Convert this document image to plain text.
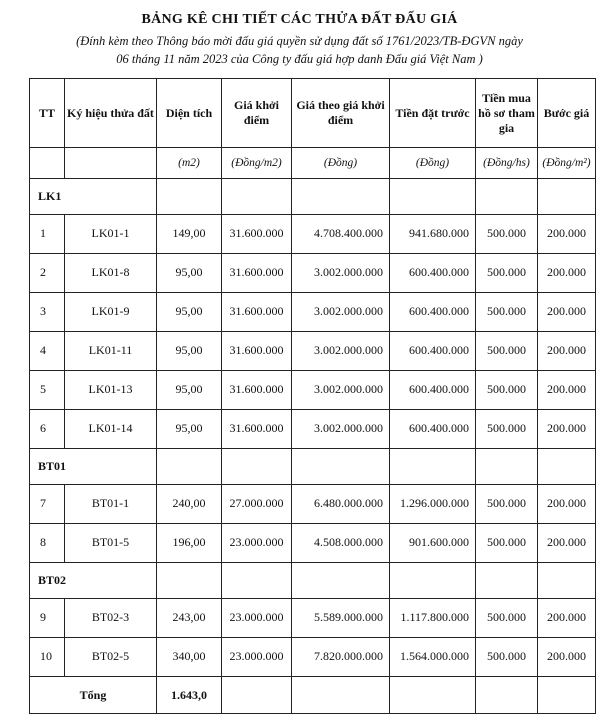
BẢNG KÊ CHI TIẾT CÁC THỬA ĐẤT ĐẤU GIÁ
(Đính kèm theo Thông báo mời đấu giá quyền sử dụng đất số 1761/2023/TB-ĐGVN ngày
06 tháng 11 năm 2023 của Công ty đấu giá hợp danh Đấu giá Việt Nam )
TT	Ký hiệu thửa đất	Diện tích	Giá khởi điểm	Giá theo giá khởi điểm	Tiền đặt trước	Tiền mua hồ sơ tham gia	Bước giá
		(m2)	(Đồng/m2)	(Đồng)	(Đồng)	(Đồng/hs)	(Đồng/m²)
LK1							
1	LK01-1	149,00	31.600.000	4.708.400.000	941.680.000	500.000	200.000
2	LK01-8	95,00	31.600.000	3.002.000.000	600.400.000	500.000	200.000
3	LK01-9	95,00	31.600.000	3.002.000.000	600.400.000	500.000	200.000
4	LK01-11	95,00	31.600.000	3.002.000.000	600.400.000	500.000	200.000
5	LK01-13	95,00	31.600.000	3.002.000.000	600.400.000	500.000	200.000
6	LK01-14	95,00	31.600.000	3.002.000.000	600.400.000	500.000	200.000
BT01							
7	BT01-1	240,00	27.000.000	6.480.000.000	1.296.000.000	500.000	200.000
8	BT01-5	196,00	23.000.000	4.508.000.000	901.600.000	500.000	200.000
BT02							
9	BT02-3	243,00	23.000.000	5.589.000.000	1.117.800.000	500.000	200.000
10	BT02-5	340,00	23.000.000	7.820.000.000	1.564.000.000	500.000	200.000
Tổng		1.643,0					
